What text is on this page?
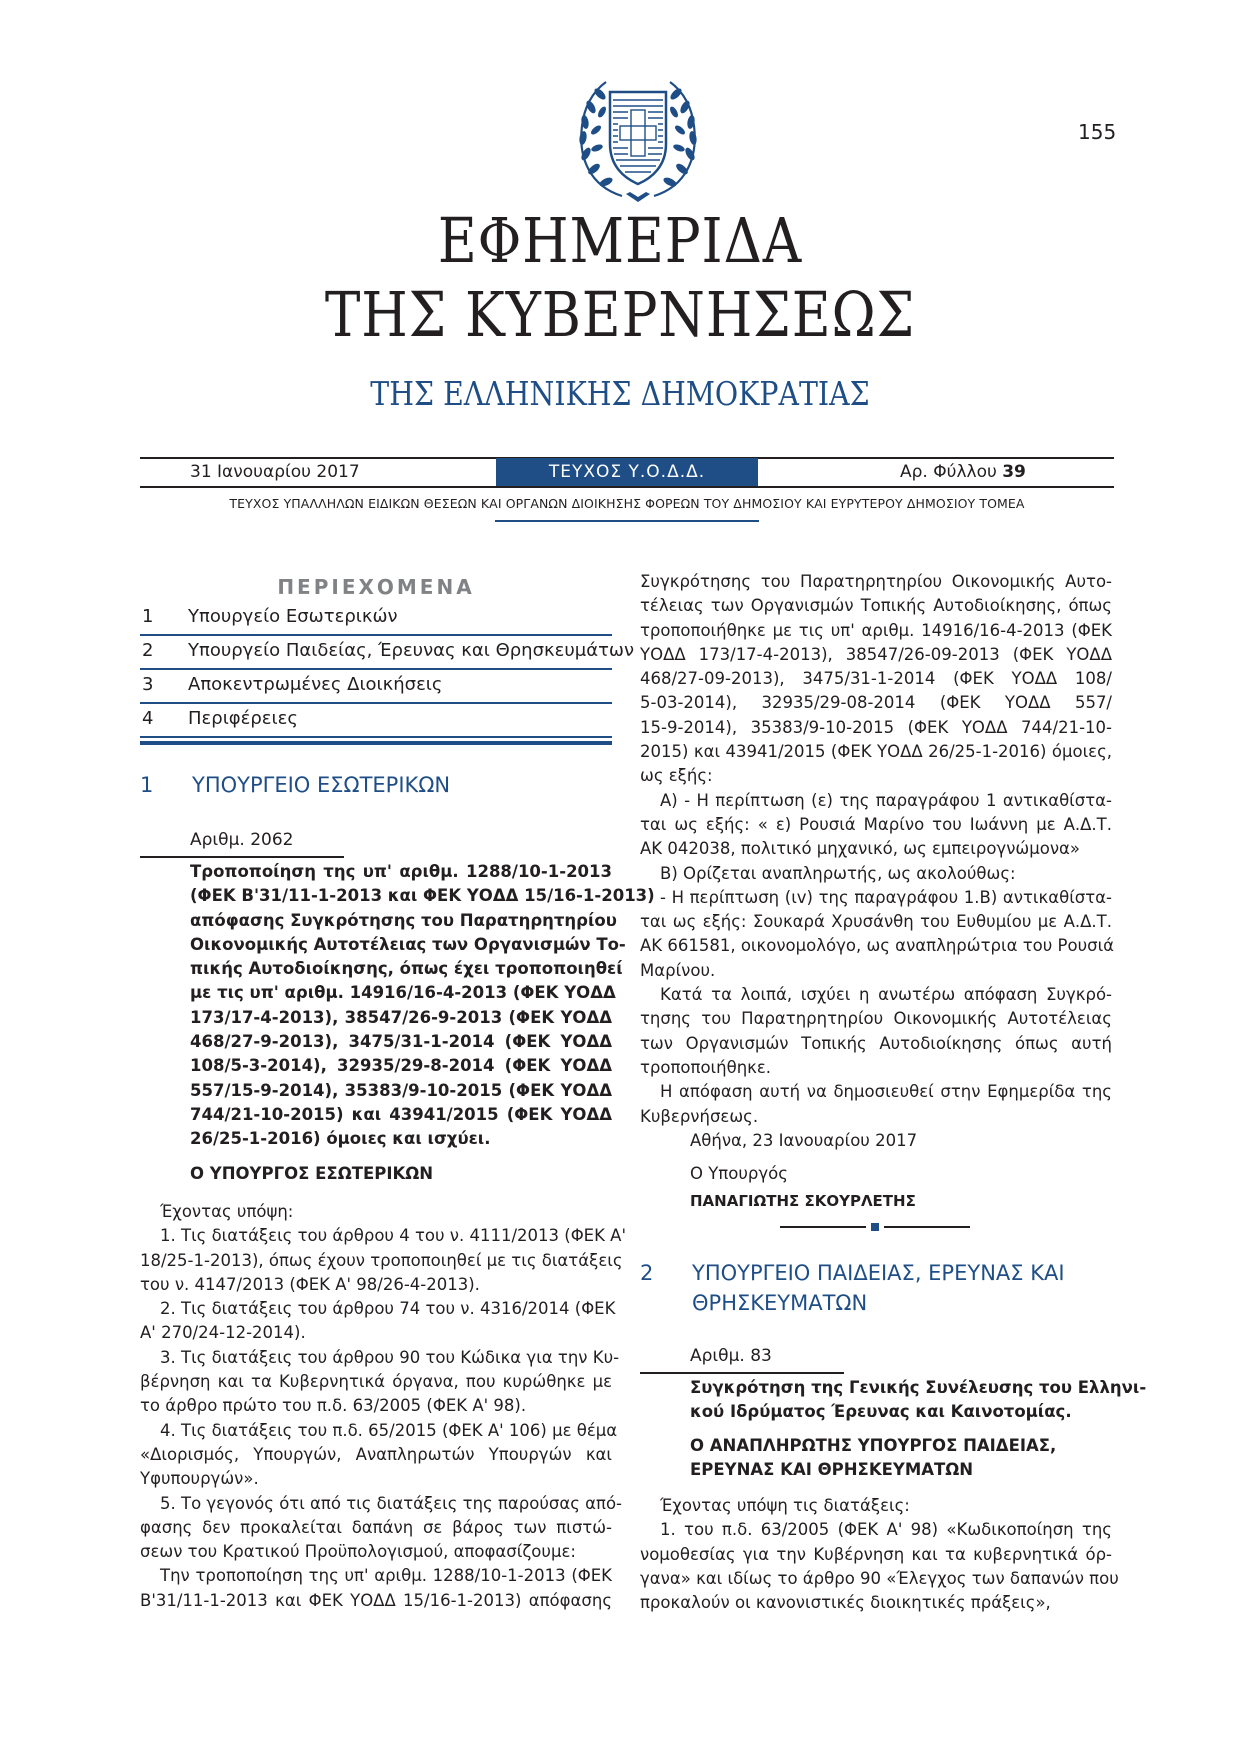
155
ΕΦΗΜΕΡΙΔΑ
ΤΗΣ ΚΥΒΕΡΝΗΣΕΩΣ
ΤΗΣ ΕΛΛΗΝΙΚΗΣ ΔΗΜΟΚΡΑΤΙΑΣ
31 Ιανουαρίου 2017	ΤΕΥΧΟΣ Υ.Ο.Δ.Δ.	Αρ. Φύλλου 39
ΤΕΥΧΟΣ ΥΠΑΛΛΗΛΩΝ ΕΙΔΙΚΩΝ ΘΕΣΕΩΝ ΚΑΙ ΟΡΓΑΝΩΝ ΔΙΟΙΚΗΣΗΣ ΦΟΡΕΩΝ ΤΟΥ ΔΗΜΟΣΙΟΥ ΚΑΙ ΕΥΡΥΤΕΡΟΥ ΔΗΜΟΣΙΟΥ ΤΟΜΕΑ
ΠΕΡΙΕΧΟΜΕΝΑ
1 Υπουργείο Εσωτερικών
2 Υπουργείο Παιδείας, Έρευνας και Θρησκευμάτων
3 Αποκεντρωμένες Διοικήσεις
4 Περιφέρειες
1 ΥΠΟΥΡΓΕΙΟ ΕΣΩΤΕΡΙΚΩΝ
Αριθμ. 2062
Τροποποίηση της υπ' αριθμ. 1288/10-1-2013
(ΦΕΚ Β'31/11-1-2013 και ΦΕΚ ΥΟΔΔ 15/16-1-2013)
απόφασης Συγκρότησης του Παρατηρητηρίου
Οικονομικής Αυτοτέλειας των Οργανισμών Το-
πικής Αυτοδιοίκησης, όπως έχει τροποποιηθεί
με τις υπ' αριθμ. 14916/16-4-2013 (ΦΕΚ ΥΟΔΔ
173/17-4-2013), 38547/26-9-2013 (ΦΕΚ ΥΟΔΔ
468/27-9-2013), 3475/31-1-2014 (ΦΕΚ ΥΟΔΔ
108/5-3-2014), 32935/29-8-2014 (ΦΕΚ ΥΟΔΔ
557/15-9-2014), 35383/9-10-2015 (ΦΕΚ ΥΟΔΔ
744/21-10-2015) και 43941/2015 (ΦΕΚ ΥΟΔΔ
26/25-1-2016) όμοιες και ισχύει.
Ο ΥΠΟΥΡΓΟΣ ΕΣΩΤΕΡΙΚΩΝ
Έχοντας υπόψη:
1. Τις διατάξεις του άρθρου 4 του ν. 4111/2013 (ΦΕΚ Α'
18/25-1-2013), όπως έχουν τροποποιηθεί με τις διατάξεις
του ν. 4147/2013 (ΦΕΚ Α' 98/26-4-2013).
2. Τις διατάξεις του άρθρου 74 του ν. 4316/2014 (ΦΕΚ
Α' 270/24-12-2014).
3. Τις διατάξεις του άρθρου 90 του Κώδικα για την Κυ-
βέρνηση και τα Κυβερνητικά όργανα, που κυρώθηκε με
το άρθρο πρώτο του π.δ. 63/2005 (ΦΕΚ Α' 98).
4. Τις διατάξεις του π.δ. 65/2015 (ΦΕΚ Α' 106) με θέμα
«Διορισμός, Υπουργών, Αναπληρωτών Υπουργών και
Υφυπουργών».
5. Το γεγονός ότι από τις διατάξεις της παρούσας από-
φασης δεν προκαλείται δαπάνη σε βάρος των πιστώ-
σεων του Κρατικού Προϋπολογισμού, αποφασίζουμε:
Την τροποποίηση της υπ' αριθμ. 1288/10-1-2013 (ΦΕΚ
Β'31/11-1-2013 και ΦΕΚ ΥΟΔΔ 15/16-1-2013) απόφασης
Συγκρότησης του Παρατηρητηρίου Οικονομικής Αυτο-
τέλειας των Οργανισμών Τοπικής Αυτοδιοίκησης, όπως
τροποποιήθηκε με τις υπ' αριθμ. 14916/16-4-2013 (ΦΕΚ
ΥΟΔΔ 173/17-4-2013), 38547/26-09-2013 (ΦΕΚ ΥΟΔΔ
468/27-09-2013), 3475/31-1-2014 (ΦΕΚ ΥΟΔΔ 108/
5-03-2014), 32935/29-08-2014 (ΦΕΚ ΥΟΔΔ 557/
15-9-2014), 35383/9-10-2015 (ΦΕΚ ΥΟΔΔ 744/21-10-
2015) και 43941/2015 (ΦΕΚ ΥΟΔΔ 26/25-1-2016) όμοιες,
ως εξής:
Α) - Η περίπτωση (ε) της παραγράφου 1 αντικαθίστα-
ται ως εξής: « ε) Ρουσιά Μαρίνο του Ιωάννη με Α.Δ.Τ.
ΑΚ 042038, πολιτικό μηχανικό, ως εμπειρογνώμονα»
Β) Ορίζεται αναπληρωτής, ως ακολούθως:
- Η περίπτωση (ιv) της παραγράφου 1.Β) αντικαθίστα-
ται ως εξής: Σουκαρά Χρυσάνθη του Ευθυμίου με Α.Δ.Τ.
ΑΚ 661581, οικονομολόγο, ως αναπληρώτρια του Ρουσιά
Μαρίνου.
Κατά τα λοιπά, ισχύει η ανωτέρω απόφαση Συγκρό-
τησης του Παρατηρητηρίου Οικονομικής Αυτοτέλειας
των Οργανισμών Τοπικής Αυτοδιοίκησης όπως αυτή
τροποποιήθηκε.
Η απόφαση αυτή να δημοσιευθεί στην Εφημερίδα της
Κυβερνήσεως.
Αθήνα, 23 Ιανουαρίου 2017
Ο Υπουργός
ΠΑΝΑΓΙΩΤΗΣ ΣΚΟΥΡΛΕΤΗΣ
2 ΥΠΟΥΡΓΕΙΟ ΠΑΙΔΕΙΑΣ, ΕΡΕΥΝΑΣ ΚΑΙ
ΘΡΗΣΚΕΥΜΑΤΩΝ
Αριθμ. 83
Συγκρότηση της Γενικής Συνέλευσης του Ελληνι-
κού Ιδρύματος Έρευνας και Καινοτομίας.
Ο ΑΝΑΠΛΗΡΩΤΗΣ ΥΠΟΥΡΓΟΣ ΠΑΙΔΕΙΑΣ,
ΕΡΕΥΝΑΣ ΚΑΙ ΘΡΗΣΚΕΥΜΑΤΩΝ
Έχοντας υπόψη τις διατάξεις:
1. του π.δ. 63/2005 (ΦΕΚ Α' 98) «Κωδικοποίηση της
νομοθεσίας για την Κυβέρνηση και τα κυβερνητικά όρ-
γανα» και ιδίως το άρθρο 90 «Έλεγχος των δαπανών που
προκαλούν οι κανονιστικές διοικητικές πράξεις»,
